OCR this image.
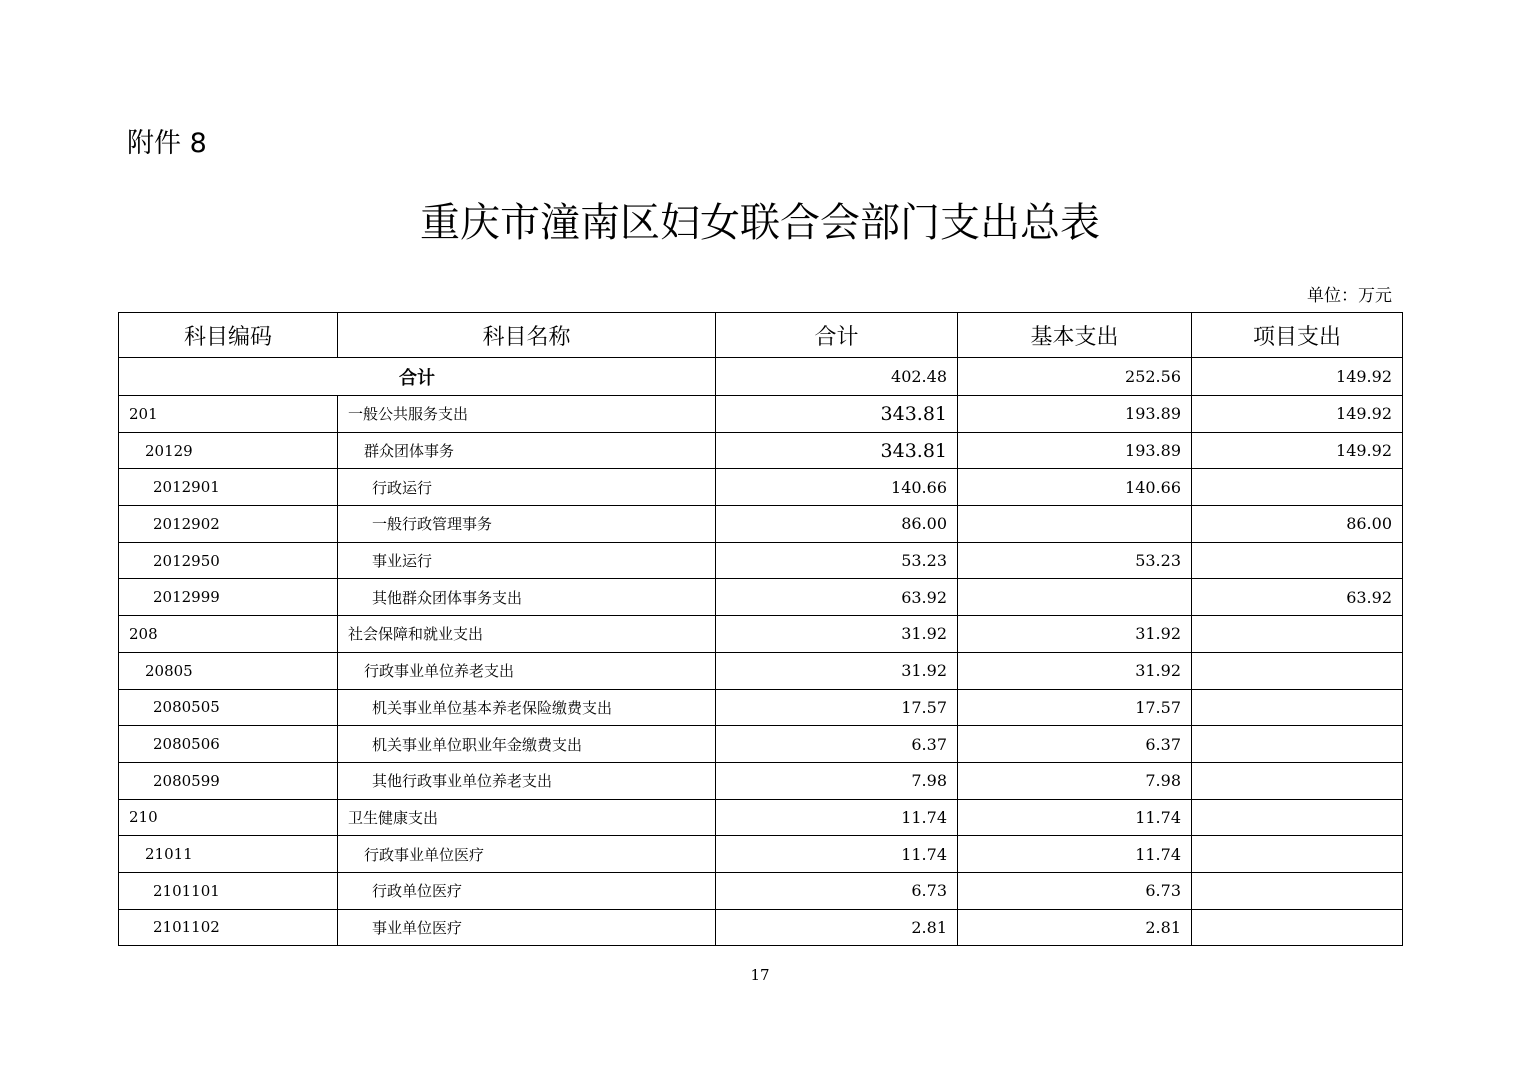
附件 8
重庆市潼南区妇女联合会部门支出总表
单位：万元
科目编码	科目名称	合计	基本支出	项目支出
合计		402.48	252.56	149.92
201	一般公共服务支出	343.81	193.89	149.92
20129	群众团体事务	343.81	193.89	149.92
2012901	行政运行	140.66	140.66	
2012902	一般行政管理事务	86.00		86.00
2012950	事业运行	53.23	53.23	
2012999	其他群众团体事务支出	63.92		63.92
208	社会保障和就业支出	31.92	31.92	
20805	行政事业单位养老支出	31.92	31.92	
2080505	机关事业单位基本养老保险缴费支出	17.57	17.57	
2080506	机关事业单位职业年金缴费支出	6.37	6.37	
2080599	其他行政事业单位养老支出	7.98	7.98	
210	卫生健康支出	11.74	11.74	
21011	行政事业单位医疗	11.74	11.74	
2101101	行政单位医疗	6.73	6.73	
2101102	事业单位医疗	2.81	2.81	
17
